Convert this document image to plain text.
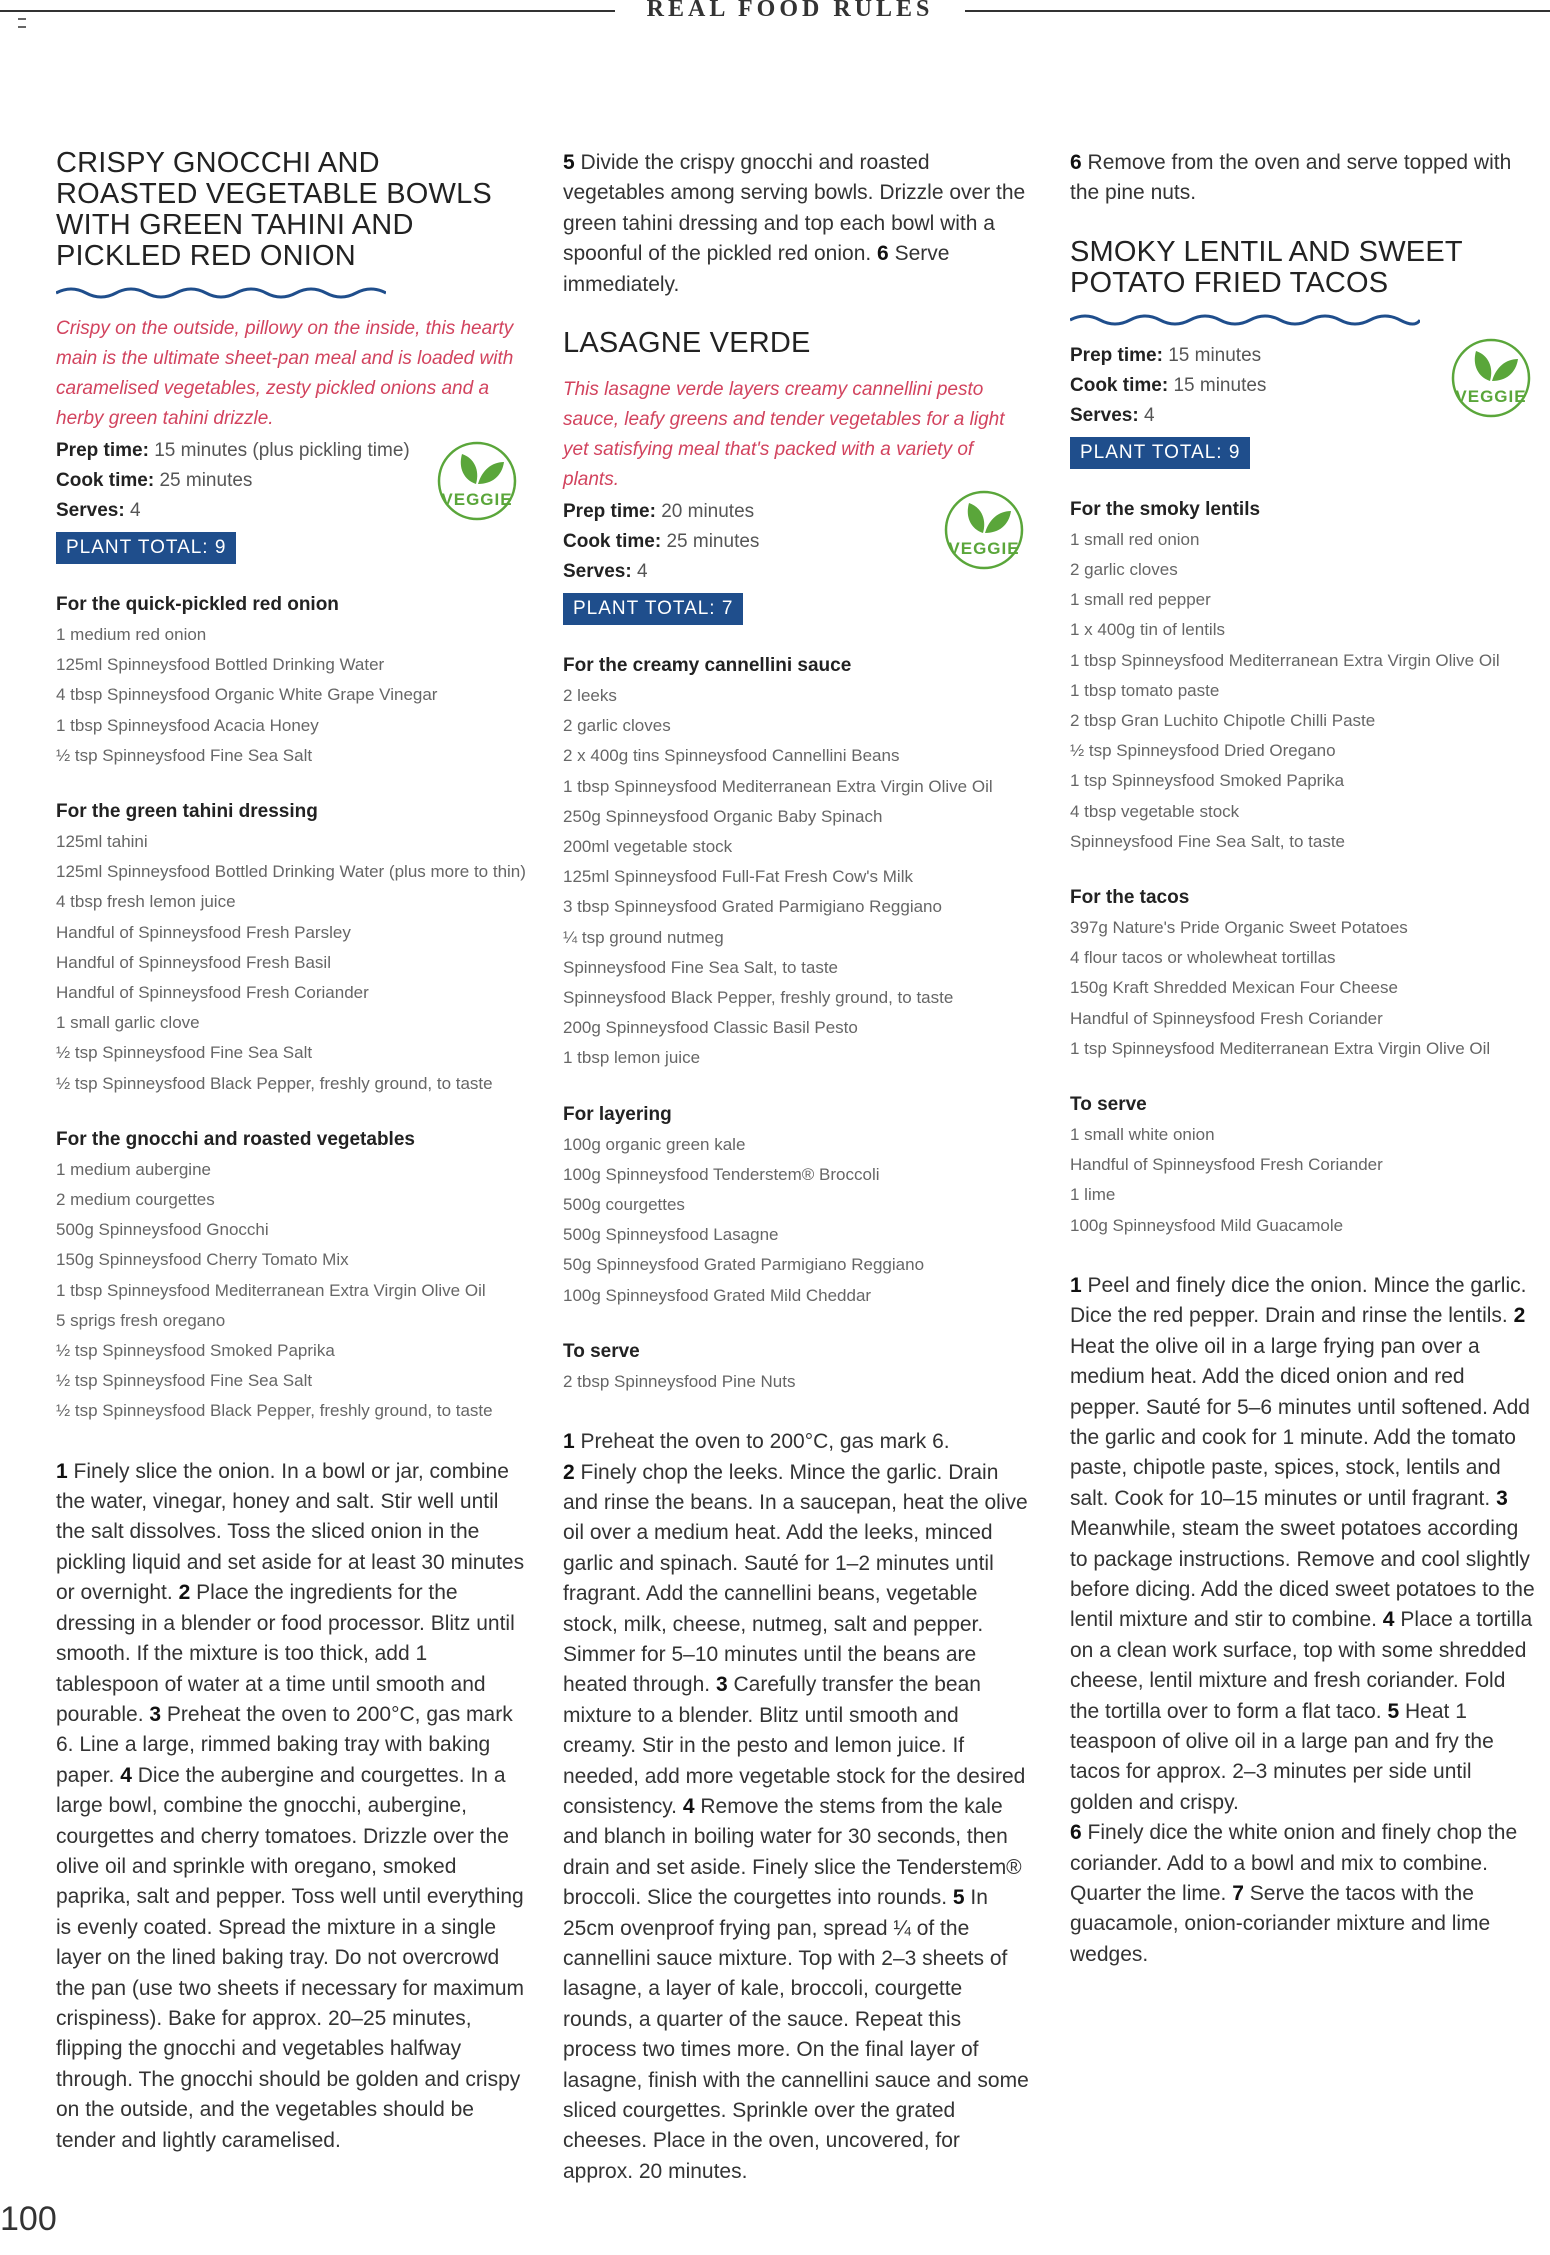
REAL FOOD RULES
CRISPY GNOCCHI AND ROASTED VEGETABLE BOWLS WITH GREEN TAHINI AND PICKLED RED ONION

Crispy on the outside, pillowy on the inside, this hearty main is the ultimate sheet-pan meal and is loaded with caramelised vegetables, zesty pickled onions and a herby green tahini drizzle.

Prep time: 15 minutes (plus pickling time)

Cook time: 25 minutes

Serves: 4

PLANT TOTAL: 9
VEGGIE

For the quick-pickled red onion

1 medium red onion

125ml Spinneysfood Bottled Drinking Water

4 tbsp Spinneysfood Organic White Grape Vinegar

1 tbsp Spinneysfood Acacia Honey

½ tsp Spinneysfood Fine Sea Salt

For the green tahini dressing

125ml tahini

125ml Spinneysfood Bottled Drinking Water (plus more to thin)

4 tbsp fresh lemon juice

Handful of Spinneysfood Fresh Parsley

Handful of Spinneysfood Fresh Basil

Handful of Spinneysfood Fresh Coriander

1 small garlic clove

½ tsp Spinneysfood Fine Sea Salt

½ tsp Spinneysfood Black Pepper, freshly ground, to taste

For the gnocchi and roasted vegetables

1 medium aubergine

2 medium courgettes

500g Spinneysfood Gnocchi

150g Spinneysfood Cherry Tomato Mix

1 tbsp Spinneysfood Mediterranean Extra Virgin Olive Oil

5 sprigs fresh oregano

½ tsp Spinneysfood Smoked Paprika

½ tsp Spinneysfood Fine Sea Salt

½ tsp Spinneysfood Black Pepper, freshly ground, to taste

1 Finely slice the onion. In a bowl or jar, combine the water, vinegar, honey and salt. Stir well until the salt dissolves. Toss the sliced onion in the pickling liquid and set aside for at least 30 minutes or overnight. 2 Place the ingredients for the dressing in a blender or food processor. Blitz until smooth. If the mixture is too thick, add 1 tablespoon of water at a time until smooth and pourable. 3 Preheat the oven to 200°C, gas mark 6. Line a large, rimmed baking tray with baking paper. 4 Dice the aubergine and courgettes. In a large bowl, combine the gnocchi, aubergine, courgettes and cherry tomatoes. Drizzle over the olive oil and sprinkle with oregano, smoked paprika, salt and pepper. Toss well until everything is evenly coated. Spread the mixture in a single layer on the lined baking tray. Do not overcrowd the pan (use two sheets if necessary for maximum crispiness). Bake for approx. 20–25 minutes, flipping the gnocchi and vegetables halfway through. The gnocchi should be golden and crispy on the outside, and the vegetables should be tender and lightly caramelised.

5 Divide the crispy gnocchi and roasted vegetables among serving bowls. Drizzle over the green tahini dressing and top each bowl with a spoonful of the pickled red onion. 6 Serve immediately.

LASAGNE VERDE

This lasagne verde layers creamy cannellini pesto sauce, leafy greens and tender vegetables for a light yet satisfying meal that's packed with a variety of plants.

Prep time: 20 minutes

Cook time: 25 minutes

Serves: 4

PLANT TOTAL: 7
VEGGIE

For the creamy cannellini sauce

2 leeks

2 garlic cloves

2 x 400g tins Spinneysfood Cannellini Beans

1 tbsp Spinneysfood Mediterranean Extra Virgin Olive Oil

250g Spinneysfood Organic Baby Spinach

200ml vegetable stock

125ml Spinneysfood Full-Fat Fresh Cow's Milk

3 tbsp Spinneysfood Grated Parmigiano Reggiano

¼ tsp ground nutmeg

Spinneysfood Fine Sea Salt, to taste

Spinneysfood Black Pepper, freshly ground, to taste

200g Spinneysfood Classic Basil Pesto

1 tbsp lemon juice

For layering

100g organic green kale

100g Spinneysfood Tenderstem® Broccoli

500g courgettes

500g Spinneysfood Lasagne

50g Spinneysfood Grated Parmigiano Reggiano

100g Spinneysfood Grated Mild Cheddar

To serve

2 tbsp Spinneysfood Pine Nuts

1 Preheat the oven to 200°C, gas mark 6.
2 Finely chop the leeks. Mince the garlic. Drain and rinse the beans. In a saucepan, heat the olive oil over a medium heat. Add the leeks, minced garlic and spinach. Sauté for 1–2 minutes until fragrant. Add the cannellini beans, vegetable stock, milk, cheese, nutmeg, salt and pepper. Simmer for 5–10 minutes until the beans are heated through. 3 Carefully transfer the bean mixture to a blender. Blitz until smooth and creamy. Stir in the pesto and lemon juice. If needed, add more vegetable stock for the desired consistency. 4 Remove the stems from the kale and blanch in boiling water for 30 seconds, then drain and set aside. Finely slice the Tenderstem® broccoli. Slice the courgettes into rounds. 5 In 25cm ovenproof frying pan, spread ¼ of the cannellini sauce mixture. Top with 2–3 sheets of lasagne, a layer of kale, broccoli, courgette rounds, a quarter of the sauce. Repeat this process two times more. On the final layer of lasagne, finish with the cannellini sauce and some sliced courgettes. Sprinkle over the grated cheeses. Place in the oven, uncovered, for approx. 20 minutes.

6 Remove from the oven and serve topped with the pine nuts.

SMOKY LENTIL AND SWEET POTATO FRIED TACOS

Prep time: 15 minutes

Cook time: 15 minutes

Serves: 4

PLANT TOTAL: 9
VEGGIE

For the smoky lentils

1 small red onion

2 garlic cloves

1 small red pepper

1 x 400g tin of lentils

1 tbsp Spinneysfood Mediterranean Extra Virgin Olive Oil

1 tbsp tomato paste

2 tbsp Gran Luchito Chipotle Chilli Paste

½ tsp Spinneysfood Dried Oregano

1 tsp Spinneysfood Smoked Paprika

4 tbsp vegetable stock

Spinneysfood Fine Sea Salt, to taste

For the tacos

397g Nature's Pride Organic Sweet Potatoes

4 flour tacos or wholewheat tortillas

150g Kraft Shredded Mexican Four Cheese

Handful of Spinneysfood Fresh Coriander

1 tsp Spinneysfood Mediterranean Extra Virgin Olive Oil

To serve

1 small white onion

Handful of Spinneysfood Fresh Coriander

1 lime

100g Spinneysfood Mild Guacamole

1 Peel and finely dice the onion. Mince the garlic. Dice the red pepper. Drain and rinse the lentils. 2 Heat the olive oil in a large frying pan over a medium heat. Add the diced onion and red pepper. Sauté for 5–6 minutes until softened. Add the garlic and cook for 1 minute. Add the tomato paste, chipotle paste, spices, stock, lentils and salt. Cook for 10–15 minutes or until fragrant. 3 Meanwhile, steam the sweet potatoes according to package instructions. Remove and cool slightly before dicing. Add the diced sweet potatoes to the lentil mixture and stir to combine. 4 Place a tortilla on a clean work surface, top with some shredded cheese, lentil mixture and fresh coriander. Fold the tortilla over to form a flat taco. 5 Heat 1 teaspoon of olive oil in a large pan and fry the tacos for approx. 2–3 minutes per side until golden and crispy.
6 Finely dice the white onion and finely chop the coriander. Add to a bowl and mix to combine. Quarter the lime. 7 Serve the tacos with the guacamole, onion-coriander mixture and lime wedges.

100
